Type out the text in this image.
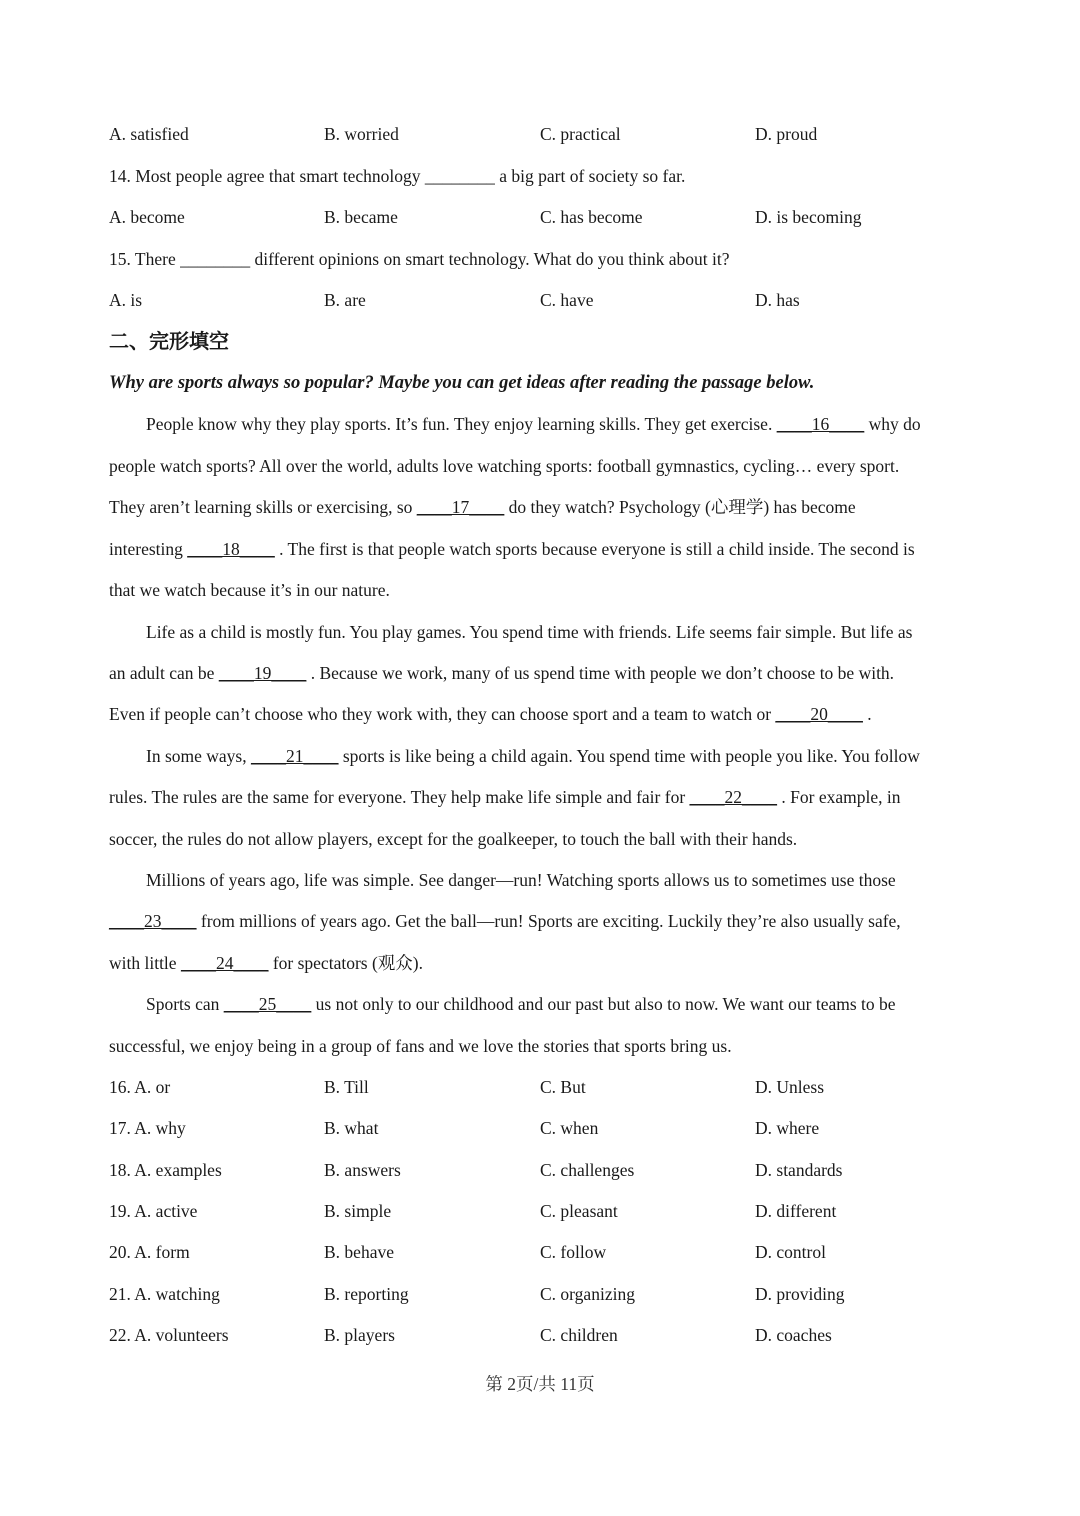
A. satisfied	B. worried	C. practical	D. proud
14. Most people agree that smart technology ________ a big part of society so far.
A. become	B. became	C. has become	D. is becoming
15. There ________ different opinions on smart technology. What do you think about it?
A. is	B. are	C. have	D. has
二、完形填空
Why are sports always so popular? Maybe you can get ideas after reading the passage below.
People know why they play sports. It’s fun. They enjoy learning skills. They get exercise. ____16____ why do
people watch sports? All over the world, adults love watching sports: football gymnastics, cycling… every sport.
They aren’t learning skills or exercising, so ____17____ do they watch? Psychology (心理学) has become
interesting ____18____ . The first is that people watch sports because everyone is still a child inside. The second is
that we watch because it’s in our nature.
Life as a child is mostly fun. You play games. You spend time with friends. Life seems fair simple. But life as
an adult can be ____19____ . Because we work, many of us spend time with people we don’t choose to be with.
Even if people can’t choose who they work with, they can choose sport and a team to watch or ____20____ .
In some ways, ____21____ sports is like being a child again. You spend time with people you like. You follow
rules. The rules are the same for everyone. They help make life simple and fair for ____22____ . For example, in
soccer, the rules do not allow players, except for the goalkeeper, to touch the ball with their hands.
Millions of years ago, life was simple. See danger—run! Watching sports allows us to sometimes use those
____23____ from millions of years ago. Get the ball—run! Sports are exciting. Luckily they’re also usually safe,
with little ____24____ for spectators (观众).
Sports can ____25____ us not only to our childhood and our past but also to now. We want our teams to be
successful, we enjoy being in a group of fans and we love the stories that sports bring us.
16. A. or	B. Till	C. But	D. Unless
17. A. why	B. what	C. when	D. where
18. A. examples	B. answers	C. challenges	D. standards
19. A. active	B. simple	C. pleasant	D. different
20. A. form	B. behave	C. follow	D. control
21. A. watching	B. reporting	C. organizing	D. providing
22. A. volunteers	B. players	C. children	D. coaches
第 2页/共 11页
